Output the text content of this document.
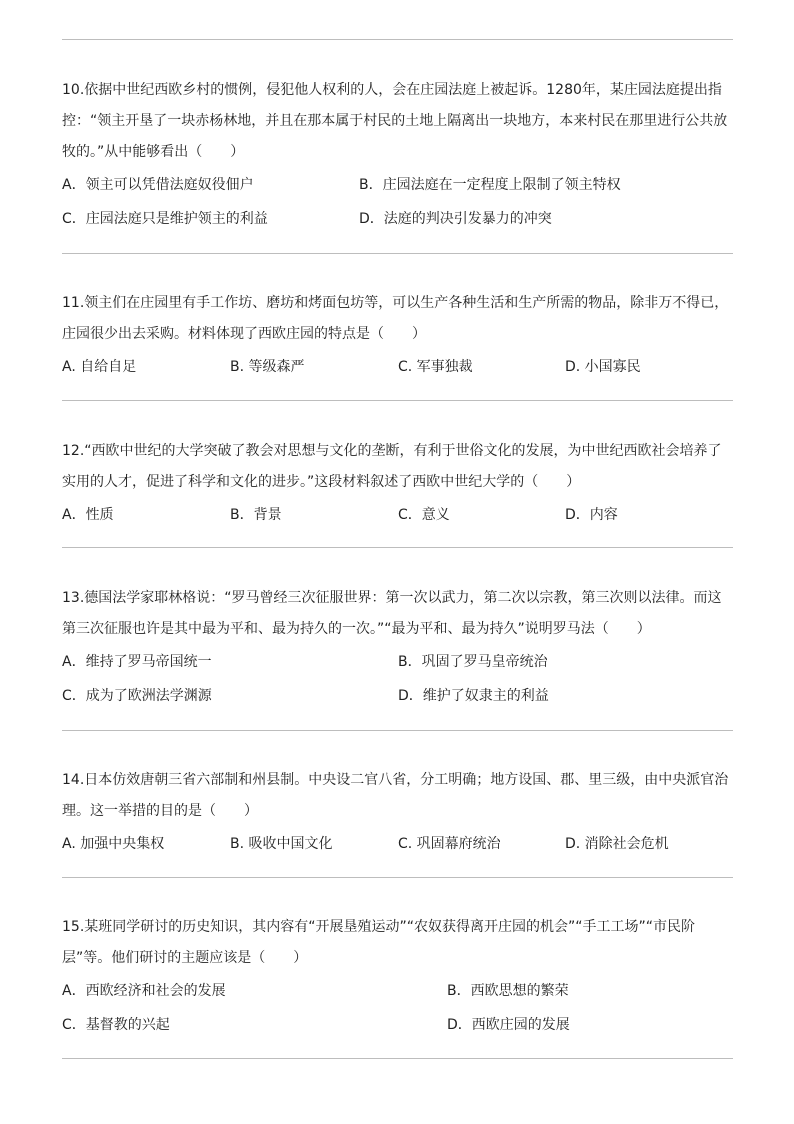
10.依据中世纪西欧乡村的惯例，侵犯他人权利的人，会在庄园法庭上被起诉。1280年，某庄园法庭提出指控：“领主开垦了一块赤杨林地，并且在那本属于村民的土地上隔离出一块地方，本来村民在那里进行公共放牧的。”从中能够看出（　　）

A．领主可以凭借法庭奴役佃户	B．庄园法庭在一定程度上限制了领主特权
C．庄园法庭只是维护领主的利益	D．法庭的判决引发暴力的冲突

11.领主们在庄园里有手工作坊、磨坊和烤面包坊等，可以生产各种生活和生产所需的物品，除非万不得已，庄园很少出去采购。材料体现了西欧庄园的特点是（　　）

A. 自给自足	B. 等级森严	C. 军事独裁	D. 小国寡民

12.“西欧中世纪的大学突破了教会对思想与文化的垄断，有利于世俗文化的发展，为中世纪西欧社会培养了实用的人才，促进了科学和文化的进步。”这段材料叙述了西欧中世纪大学的（　　）

A．性质	B．背景	C．意义	D．内容

13.德国法学家耶林格说：“罗马曾经三次征服世界：第一次以武力，第二次以宗教，第三次则以法律。而这第三次征服也许是其中最为平和、最为持久的一次。”“最为平和、最为持久”说明罗马法（　　）

A．维持了罗马帝国统一	B．巩固了罗马皇帝统治
C．成为了欧洲法学渊源	D．维护了奴隶主的利益

14.日本仿效唐朝三省六部制和州县制。中央设二官八省，分工明确；地方设国、郡、里三级，由中央派官治理。这一举措的目的是（　　）

A. 加强中央集权	B. 吸收中国文化	C. 巩固幕府统治	D. 消除社会危机

15.某班同学研讨的历史知识，其内容有“开展垦殖运动”“农奴获得离开庄园的机会”“手工工场”“市民阶层”等。他们研讨的主题应该是（　　）

A．西欧经济和社会的发展	B．西欧思想的繁荣
C．基督教的兴起	D．西欧庄园的发展
